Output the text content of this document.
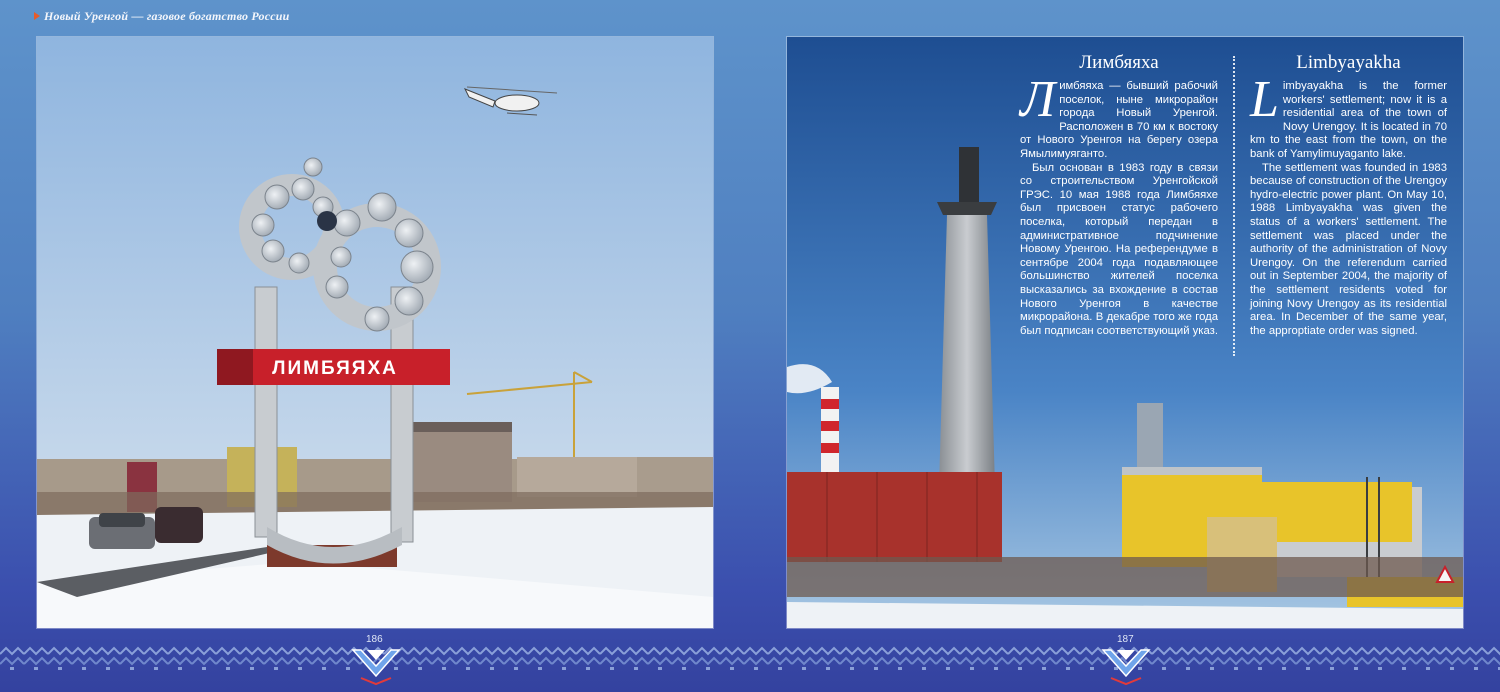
Новый Уренгой — газовое богатство России
ЛИМБЯЯХА
Лимбяяха

Лимбяяха — бывший рабочий поселок, ныне микрорайон города Новый Уренгой. Расположен в 70 км к востоку от Нового Уренгоя на берегу озера Ямылимуяганто.

Был основан в 1983 году в связи со строительством Уренгойской ГРЭС. 10 мая 1988 года Лимбяяхе был присвоен статус рабочего поселка, который передан в административное подчинение Новому Уренгою. На референдуме в сентябре 2004 года подавляющее большинство жителей поселка высказались за вхождение в состав Нового Уренгоя в качестве микрорайона. В декабре того же года был подписан соответствующий указ.

Limbyayakha

Limbyayakha is the former workers' settlement; now it is a residential area of the town of Novy Urengoy. It is located in 70 km to the east from the town, on the bank of Yamylimuyaganto lake.

The settlement was founded in 1983 because of construction of the Urengoy hydro-electric power plant. On May 10, 1988 Limbyayakha was given the status of a workers' settlement. The settlement was placed under the authority of the administration of Novy Urengoy. On the referendum carried out in September 2004, the majority of the settlement residents voted for joining Novy Urengoy as its residential area. In December of the same year, the approptiate order was signed.

186	187
